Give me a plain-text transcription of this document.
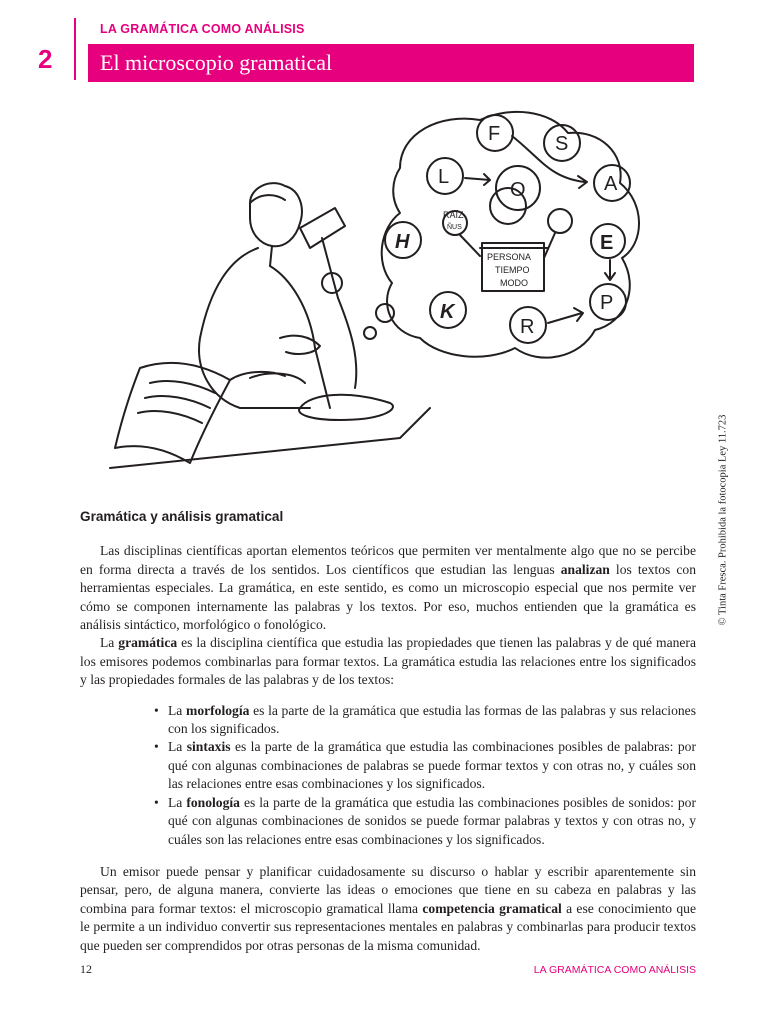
LA GRAMÁTICA COMO ANÁLISIS
2	El microscopio gramatical
F	S
L
O	A
H	E
K
R
P
RAÍZ
ÑUS
PERSONA
TIEMPO
MODO
© Tinta Fresca. Prohibida la fotocopia Ley 11.723
Gramática y análisis gramatical

Las disciplinas científicas aportan elementos teóricos que permiten ver mentalmente algo que no se percibe en forma directa a través de los sentidos. Los científicos que estudian las lenguas analizan los textos con herramientas especiales. La gramática, en este sentido, es como un microscopio especial que nos permite ver cómo se componen internamente las palabras y los textos. Por eso, muchos entienden que la gramática es análisis sintáctico, morfológico o fonológico.

La gramática es la disciplina científica que estudia las propiedades que tienen las palabras y de qué manera los emisores podemos combinarlas para formar textos. La gramática estudia las relaciones entre los significados y las propiedades formales de las palabras y de los textos:

• La morfología es la parte de la gramática que estudia las formas de las palabras y sus relaciones con los significados.
• La sintaxis es la parte de la gramática que estudia las combinaciones posibles de palabras: por qué con algunas combinaciones de palabras se puede formar textos y con otras no, y cuáles son las relaciones entre esas combinaciones y los significados.
• La fonología es la parte de la gramática que estudia las combinaciones posibles de sonidos: por qué con algunas combinaciones de sonidos se puede formar palabras y textos y con otras no, y cuáles son las relaciones entre esas combinaciones y los significados.

Un emisor puede pensar y planificar cuidadosamente su discurso o hablar y escribir aparentemente sin pensar, pero, de alguna manera, convierte las ideas o emociones que tiene en su cabeza en palabras y las combina para formar textos: el microscopio gramatical llama competencia gramatical a ese conocimiento que le permite a un individuo convertir sus representaciones mentales en palabras y combinarlas para producir textos que pueden ser comprendidos por otras personas de la misma comunidad.

12	LA GRAMÁTICA COMO ANÁLISIS
